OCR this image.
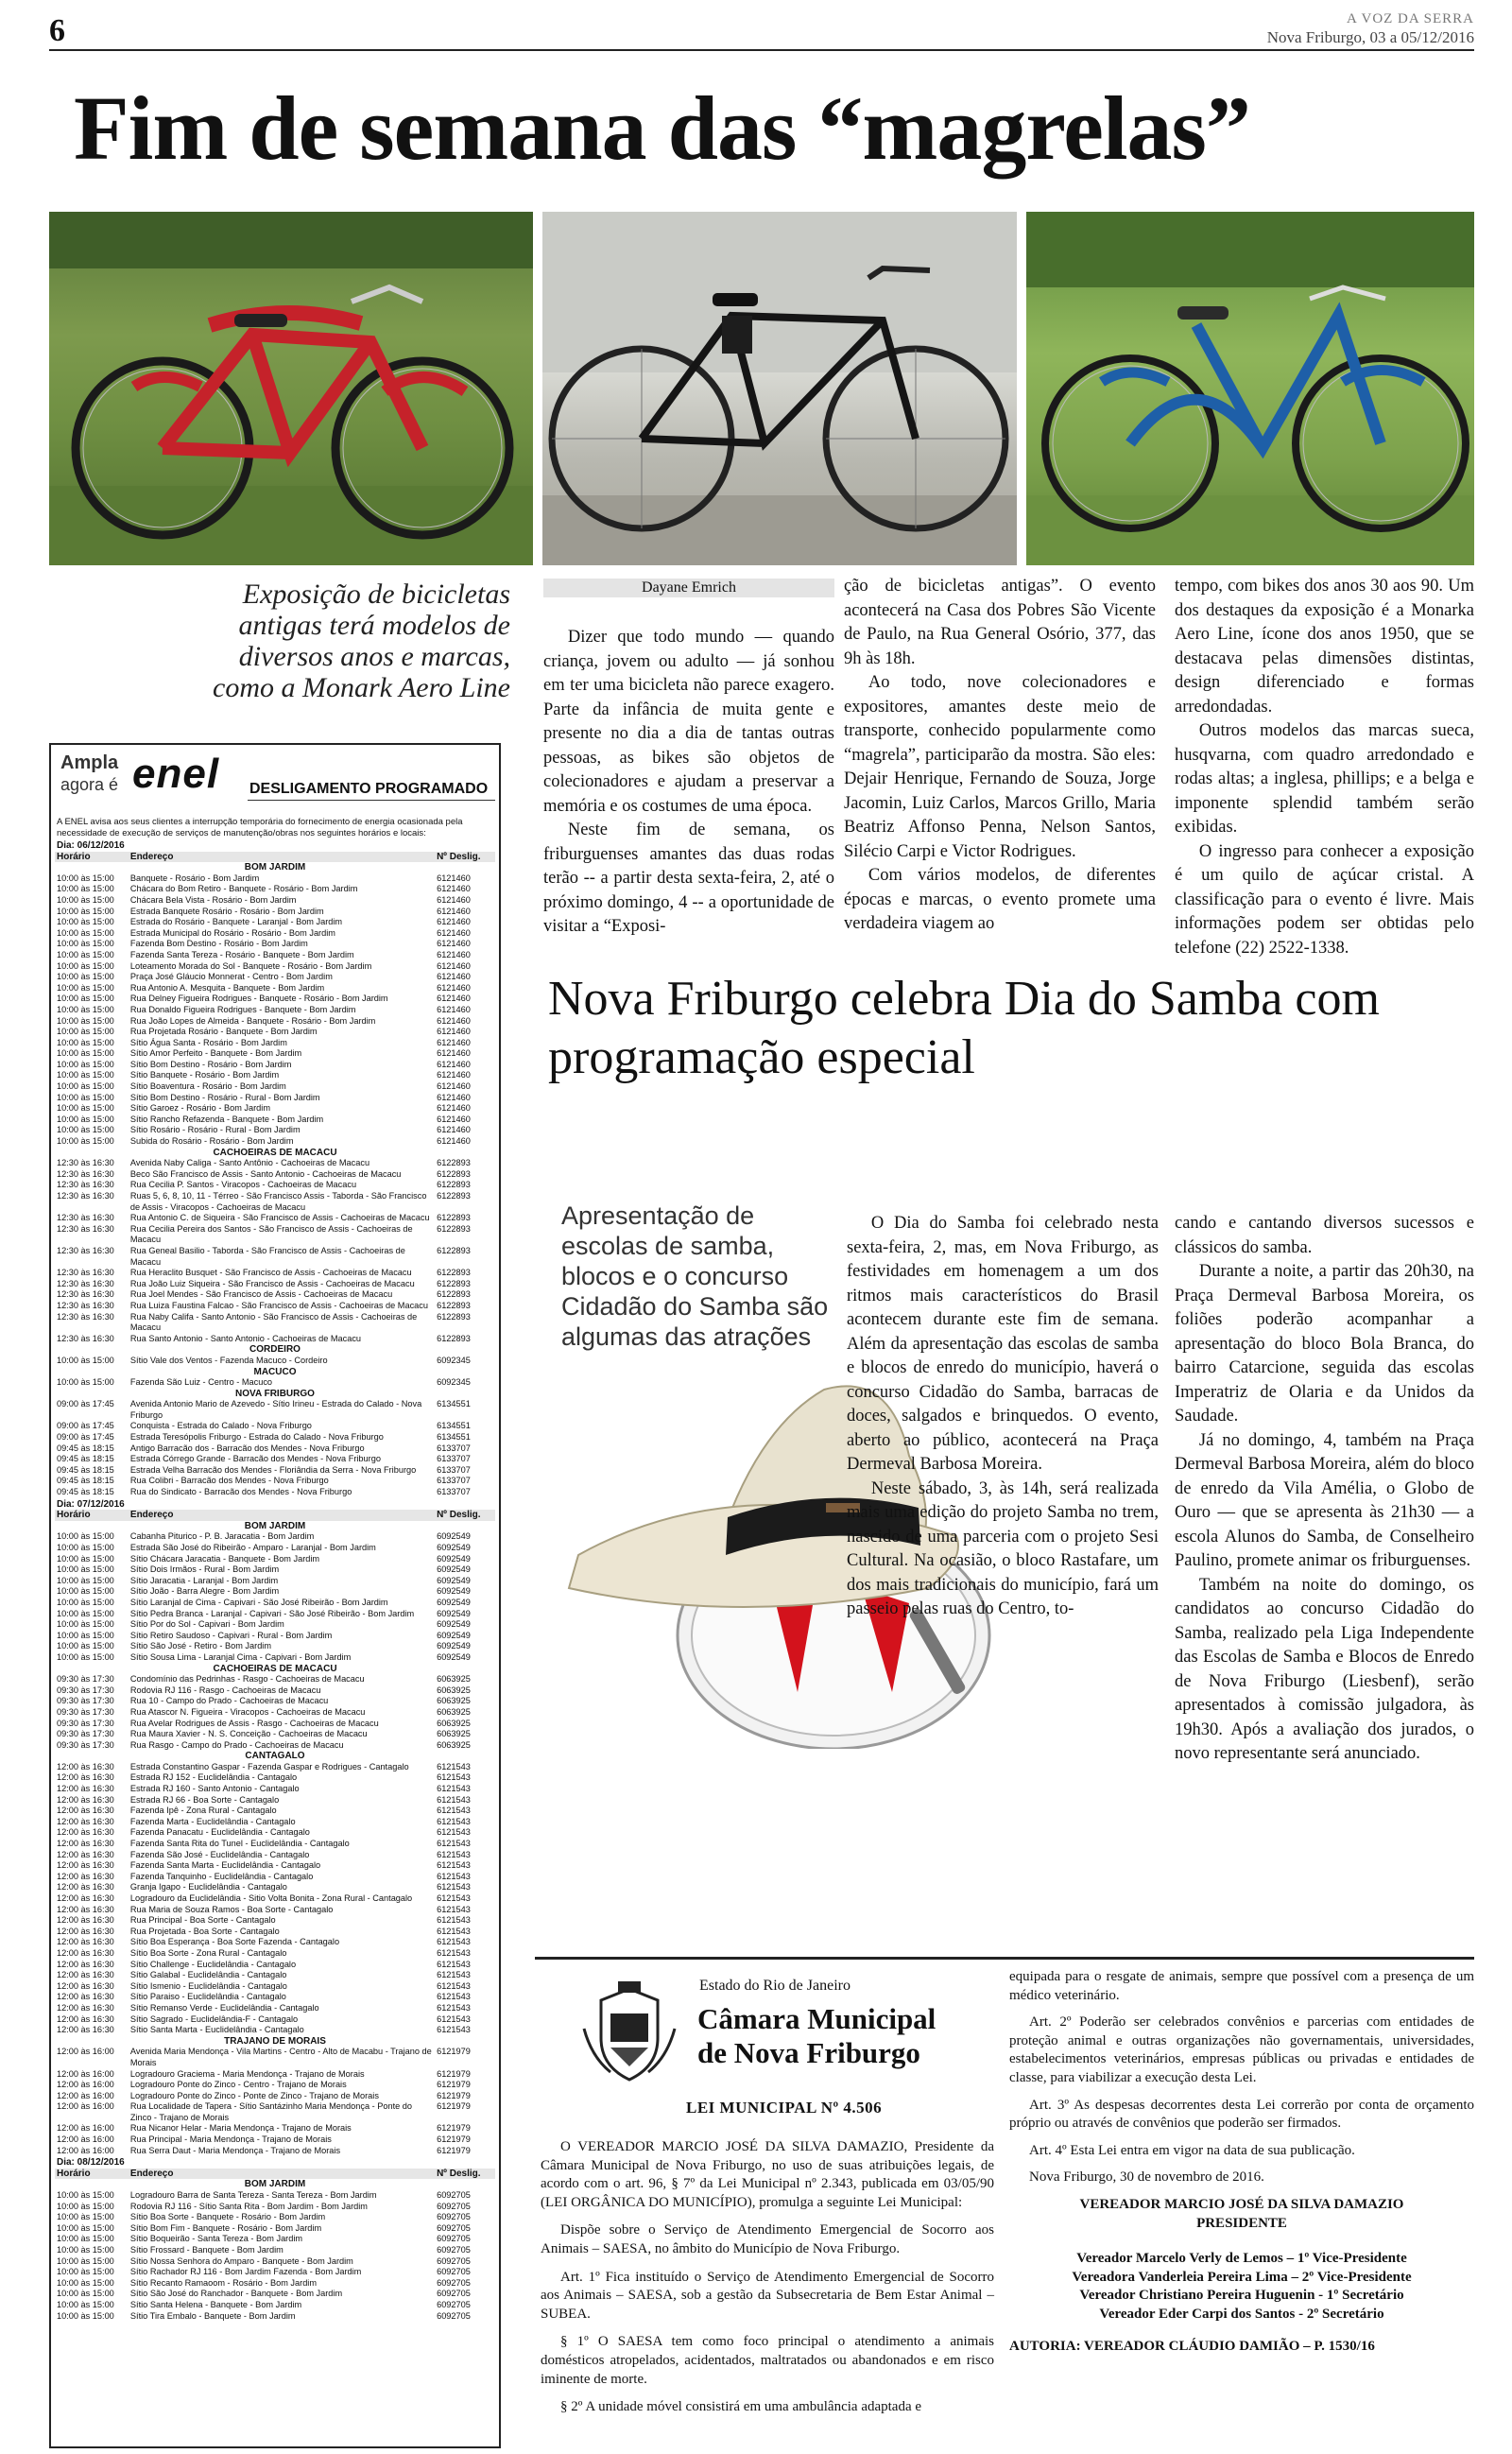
6	A VOZ DA SERRA
Nova Friburgo, 03 a 05/12/2016
Fim de semana das “magrelas”
Exposição de bicicletas antigas terá modelos de diversos anos e marcas, como a Monark Aero Line
Ampla
agora é enel DESLIGAMENTO PROGRAMADO
A ENEL avisa aos seus clientes a interrupção temporária do fornecimento de energia ocasionada pela necessidade de execução de serviços de manutenção/obras nos seguintes horários e locais:
Dia: 06/12/2016		
Horário	Endereço	Nº Deslig.
BOM JARDIM		
10:00 às 15:00	Banquete - Rosário - Bom Jardim	6121460
10:00 às 15:00	Chácara do Bom Retiro - Banquete - Rosário - Bom Jardim	6121460
10:00 às 15:00	Chácara Bela Vista - Rosário - Bom Jardim	6121460
10:00 às 15:00	Estrada Banquete Rosário - Rosário - Bom Jardim	6121460
10:00 às 15:00	Estrada do Rosário - Banquete - Laranjal - Bom Jardim	6121460
10:00 às 15:00	Estrada Municipal do Rosário - Rosário - Bom Jardim	6121460
10:00 às 15:00	Fazenda Bom Destino - Rosário - Bom Jardim	6121460
10:00 às 15:00	Fazenda Santa Tereza - Rosário - Banquete - Bom Jardim	6121460
10:00 às 15:00	Loteamento Morada do Sol - Banquete - Rosário - Bom Jardim	6121460
10:00 às 15:00	Praça José Gláucio Monnerat - Centro - Bom Jardim	6121460
10:00 às 15:00	Rua Antonio A. Mesquita - Banquete - Bom Jardim	6121460
10:00 às 15:00	Rua Delney Figueira Rodrigues - Banquete - Rosário - Bom Jardim	6121460
10:00 às 15:00	Rua Donaldo Figueira Rodrigues - Banquete - Bom Jardim	6121460
10:00 às 15:00	Rua João Lopes de Almeida - Banquete - Rosário - Bom Jardim	6121460
10:00 às 15:00	Rua Projetada Rosário - Banquete - Bom Jardim	6121460
10:00 às 15:00	Sítio Água Santa - Rosário - Bom Jardim	6121460
10:00 às 15:00	Sítio Amor Perfeito - Banquete - Bom Jardim	6121460
10:00 às 15:00	Sítio Bom Destino - Rosário - Bom Jardim	6121460
10:00 às 15:00	Sítio Banquete - Rosário - Bom Jardim	6121460
10:00 às 15:00	Sítio Boaventura - Rosário - Bom Jardim	6121460
10:00 às 15:00	Sítio Bom Destino - Rosário - Rural - Bom Jardim	6121460
10:00 às 15:00	Sítio Garoez - Rosário - Bom Jardim	6121460
10:00 às 15:00	Sítio Rancho Refazenda - Banquete - Bom Jardim	6121460
10:00 às 15:00	Sítio Rosário - Rosário - Rural - Bom Jardim	6121460
10:00 às 15:00	Subida do Rosário - Rosário - Bom Jardim	6121460
CACHOEIRAS DE MACACU		
12:30 às 16:30	Avenida Naby Caliga - Santo Antônio - Cachoeiras de Macacu	6122893
12:30 às 16:30	Beco São Francisco de Assis - Santo Antonio - Cachoeiras de Macacu	6122893
12:30 às 16:30	Rua Cecilia P. Santos - Viracopos - Cachoeiras de Macacu	6122893
12:30 às 16:30	Ruas 5, 6, 8, 10, 11 - Térreo - São Francisco Assis - Taborda - São Francisco de Assis - Viracopos - Cachoeiras de Macacu	6122893
12:30 às 16:30	Rua Antonio C. de Siqueira - São Francisco de Assis - Cachoeiras de Macacu	6122893
12:30 às 16:30	Rua Cecilia Pereira dos Santos - São Francisco de Assis - Cachoeiras de Macacu	6122893
12:30 às 16:30	Rua Geneal Basilio - Taborda - São Francisco de Assis - Cachoeiras de Macacu	6122893
12:30 às 16:30	Rua Heraclito Busquet - São Francisco de Assis - Cachoeiras de Macacu	6122893
12:30 às 16:30	Rua João Luiz Siqueira - São Francisco de Assis - Cachoeiras de Macacu	6122893
12:30 às 16:30	Rua Joel Mendes - São Francisco de Assis - Cachoeiras de Macacu	6122893
12:30 às 16:30	Rua Luiza Faustina Falcao - São Francisco de Assis - Cachoeiras de Macacu	6122893
12:30 às 16:30	Rua Naby Califa - Santo Antonio - São Francisco de Assis - Cachoeiras de Macacu	6122893
12:30 às 16:30	Rua Santo Antonio - Santo Antonio - Cachoeiras de Macacu	6122893
CORDEIRO		
10:00 às 15:00	Sítio Vale dos Ventos - Fazenda Macuco - Cordeiro	6092345
MACUCO		
10:00 às 15:00	Fazenda São Luiz - Centro - Macuco	6092345
NOVA FRIBURGO		
09:00 às 17:45	Avenida Antonio Mario de Azevedo - Sítio Irineu - Estrada do Calado - Nova Friburgo	6134551
09:00 às 17:45	Conquista - Estrada do Calado - Nova Friburgo	6134551
09:00 às 17:45	Estrada Teresópolis Friburgo - Estrada do Calado - Nova Friburgo	6134551
09:45 às 18:15	Antigo Barracão dos - Barracão dos Mendes - Nova Friburgo	6133707
09:45 às 18:15	Estrada Córrego Grande - Barracão dos Mendes - Nova Friburgo	6133707
09:45 às 18:15	Estrada Velha Barracão dos Mendes - Floriândia da Serra - Nova Friburgo	6133707
09:45 às 18:15	Rua Colibri - Barracão dos Mendes - Nova Friburgo	6133707
09:45 às 18:15	Rua do Sindicato - Barracão dos Mendes - Nova Friburgo	6133707
Dia: 07/12/2016		
Horário	Endereço	Nº Deslig.
BOM JARDIM		
10:00 às 15:00	Cabanha Piturico - P. B. Jaracatia - Bom Jardim	6092549
10:00 às 15:00	Estrada São José do Ribeirão - Amparo - Laranjal - Bom Jardim	6092549
10:00 às 15:00	Sítio Chácara Jaracatia - Banquete - Bom Jardim	6092549
10:00 às 15:00	Sítio Dois Irmãos - Rural - Bom Jardim	6092549
10:00 às 15:00	Sítio Jaracatia - Laranjal - Bom Jardim	6092549
10:00 às 15:00	Sítio João - Barra Alegre - Bom Jardim	6092549
10:00 às 15:00	Sítio Laranjal de Cima - Capivari - São José Ribeirão - Bom Jardim	6092549
10:00 às 15:00	Sítio Pedra Branca - Laranjal - Capivari - São José Ribeirão - Bom Jardim	6092549
10:00 às 15:00	Sítio Por do Sol - Capivari - Bom Jardim	6092549
10:00 às 15:00	Sítio Retiro Saudoso - Capivari - Rural - Bom Jardim	6092549
10:00 às 15:00	Sítio São José - Retiro - Bom Jardim	6092549
10:00 às 15:00	Sítio Sousa Lima - Laranjal Cima - Capivari - Bom Jardim	6092549
CACHOEIRAS DE MACACU		
09:30 às 17:30	Condomínio das Pedrinhas - Rasgo - Cachoeiras de Macacu	6063925
09:30 às 17:30	Rodovia RJ 116 - Rasgo - Cachoeiras de Macacu	6063925
09:30 às 17:30	Rua 10 - Campo do Prado - Cachoeiras de Macacu	6063925
09:30 às 17:30	Rua Atascor N. Figueira - Viracopos - Cachoeiras de Macacu	6063925
09:30 às 17:30	Rua Avelar Rodrigues de Assis - Rasgo - Cachoeiras de Macacu	6063925
09:30 às 17:30	Rua Maura Xavier - N. S. Conceição - Cachoeiras de Macacu	6063925
09:30 às 17:30	Rua Rasgo - Campo do Prado - Cachoeiras de Macacu	6063925
CANTAGALO		
12:00 às 16:30	Estrada Constantino Gaspar - Fazenda Gaspar e Rodrigues - Cantagalo	6121543
12:00 às 16:30	Estrada RJ 152 - Euclidelândia - Cantagalo	6121543
12:00 às 16:30	Estrada RJ 160 - Santo Antonio - Cantagalo	6121543
12:00 às 16:30	Estrada RJ 66 - Boa Sorte - Cantagalo	6121543
12:00 às 16:30	Fazenda Ipê - Zona Rural - Cantagalo	6121543
12:00 às 16:30	Fazenda Marta - Euclidelândia - Cantagalo	6121543
12:00 às 16:30	Fazenda Panacatu - Euclidelândia - Cantagalo	6121543
12:00 às 16:30	Fazenda Santa Rita do Tunel - Euclidelândia - Cantagalo	6121543
12:00 às 16:30	Fazenda São José - Euclidelândia - Cantagalo	6121543
12:00 às 16:30	Fazenda Santa Marta - Euclidelândia - Cantagalo	6121543
12:00 às 16:30	Fazenda Tanquinho - Euclidelândia - Cantagalo	6121543
12:00 às 16:30	Granja Igapo - Euclidelândia - Cantagalo	6121543
12:00 às 16:30	Logradouro da Euclidelândia - Sitio Volta Bonita - Zona Rural - Cantagalo	6121543
12:00 às 16:30	Rua Maria de Souza Ramos - Boa Sorte - Cantagalo	6121543
12:00 às 16:30	Rua Principal - Boa Sorte - Cantagalo	6121543
12:00 às 16:30	Rua Projetada - Boa Sorte - Cantagalo	6121543
12:00 às 16:30	Sítio Boa Esperança - Boa Sorte Fazenda - Cantagalo	6121543
12:00 às 16:30	Sítio Boa Sorte - Zona Rural - Cantagalo	6121543
12:00 às 16:30	Sítio Challenge - Euclidelândia - Cantagalo	6121543
12:00 às 16:30	Sítio Galabal - Euclidelândia - Cantagalo	6121543
12:00 às 16:30	Sítio Ismenio - Euclidelândia - Cantagalo	6121543
12:00 às 16:30	Sítio Paraiso - Euclidelândia - Cantagalo	6121543
12:00 às 16:30	Sítio Remanso Verde - Euclidelândia - Cantagalo	6121543
12:00 às 16:30	Sítio Sagrado - Euclidelândia-F - Cantagalo	6121543
12:00 às 16:30	Sítio Santa Marta - Euclidelândia - Cantagalo	6121543
TRAJANO DE MORAIS		
12:00 às 16:00	Avenida Maria Mendonça - Vila Martins - Centro - Alto de Macabu - Trajano de Morais	6121979
12:00 às 16:00	Logradouro Graciema - Maria Mendonça - Trajano de Morais	6121979
12:00 às 16:00	Logradouro Ponte do Zinco - Centro - Trajano de Morais	6121979
12:00 às 16:00	Logradouro Ponte do Zinco - Ponte de Zinco - Trajano de Morais	6121979
12:00 às 16:00	Rua Localidade de Tapera - Sítio Santázinho Maria Mendonça - Ponte do Zinco - Trajano de Morais	6121979
12:00 às 16:00	Rua Nicanor Helar - Maria Mendonça - Trajano de Morais	6121979
12:00 às 16:00	Rua Principal - Maria Mendonça - Trajano de Morais	6121979
12:00 às 16:00	Rua Serra Daut - Maria Mendonça - Trajano de Morais	6121979
Dia: 08/12/2016		
Horário	Endereço	Nº Deslig.
BOM JARDIM		
10:00 às 15:00	Logradouro Barra de Santa Tereza - Santa Tereza - Bom Jardim	6092705
10:00 às 15:00	Rodovia RJ 116 - Sítio Santa Rita - Bom Jardim - Bom Jardim	6092705
10:00 às 15:00	Sítio Boa Sorte - Banquete - Rosário - Bom Jardim	6092705
10:00 às 15:00	Sítio Bom Fim - Banquete - Rosário - Bom Jardim	6092705
10:00 às 15:00	Sítio Boqueirão - Santa Tereza - Bom Jardim	6092705
10:00 às 15:00	Sítio Frossard - Banquete - Bom Jardim	6092705
10:00 às 15:00	Sítio Nossa Senhora do Amparo - Banquete - Bom Jardim	6092705
10:00 às 15:00	Sítio Rachador RJ 116 - Bom Jardim Fazenda - Bom Jardim	6092705
10:00 às 15:00	Sítio Recanto Ramaoom - Rosário - Bom Jardim	6092705
10:00 às 15:00	Sítio São José do Ranchador - Banquete - Bom Jardim	6092705
10:00 às 15:00	Sítio Santa Helena - Banquete - Bom Jardim	6092705
10:00 às 15:00	Sítio Tira Embalo - Banquete - Bom Jardim	6092705
Dayane Emrich
Dizer que todo mundo — quando criança, jovem ou adulto — já sonhou em ter uma bicicleta não parece exagero. Parte da infância de muita gente e presente no dia a dia de tantas outras pessoas, as bikes são objetos de colecionadores e ajudam a preservar a memória e os costumes de uma época.
Neste fim de semana, os friburguenses amantes das duas rodas terão -- a partir desta sexta-feira, 2, até o próximo domingo, 4 -- a oportunidade de visitar a “Exposi-
ção de bicicletas antigas”. O evento acontecerá na Casa dos Pobres São Vicente de Paulo, na Rua General Osório, 377, das 9h às 18h.
Ao todo, nove colecionadores e expositores, amantes deste meio de transporte, conhecido popularmente como “magrela”, participarão da mostra. São eles: Dejair Henrique, Fernando de Souza, Jorge Jacomin, Luiz Carlos, Marcos Grillo, Maria Beatriz Affonso Penna, Nelson Santos, Silécio Carpi e Victor Rodrigues.
Com vários modelos, de diferentes épocas e marcas, o evento promete uma verdadeira viagem ao
tempo, com bikes dos anos 30 aos 90. Um dos destaques da exposição é a Monarka Aero Line, ícone dos anos 1950, que se destacava pelas dimensões distintas, design diferenciado e formas arredondadas.
Outros modelos das marcas sueca, husqvarna, com quadro arredondado e rodas altas; a inglesa, phillips; e a belga e imponente splendid também serão exibidas.
O ingresso para conhecer a exposição é um quilo de açúcar cristal. A classificação para o evento é livre. Mais informações podem ser obtidas pelo telefone (22) 2522-1338.
Nova Friburgo celebra Dia do Samba com programação especial
Apresentação de escolas de samba, blocos e o concurso Cidadão do Samba são algumas das atrações
O Dia do Samba foi celebrado nesta sexta-feira, 2, mas, em Nova Friburgo, as festividades em homenagem a um dos ritmos mais característicos do Brasil acontecem durante este fim de semana. Além da apresentação das escolas de samba e blocos de enredo do município, haverá o concurso Cidadão do Samba, barracas de doces, salgados e brinquedos. O evento, aberto ao público, acontecerá na Praça Dermeval Barbosa Moreira.
Neste sábado, 3, às 14h, será realizada mais uma edição do projeto Samba no trem, nascido de uma parceria com o projeto Sesi Cultural. Na ocasião, o bloco Rastafare, um dos mais tradicionais do município, fará um passeio pelas ruas do Centro, to-
cando e cantando diversos sucessos e clássicos do samba.
Durante a noite, a partir das 20h30, na Praça Dermeval Barbosa Moreira, os foliões poderão acompanhar a apresentação do bloco Bola Branca, do bairro Catarcione, seguida das escolas Imperatriz de Olaria e da Unidos da Saudade.
Já no domingo, 4, também na Praça Dermeval Barbosa Moreira, além do bloco de enredo da Vila Amélia, o Globo de Ouro — que se apresenta às 21h30 — a escola Alunos do Samba, de Conselheiro Paulino, promete animar os friburguenses.
Também na noite do domingo, os candidatos ao concurso Cidadão do Samba, realizado pela Liga Independente das Escolas de Samba e Blocos de Enredo de Nova Friburgo (Liesbenf), serão apresentados à comissão julgadora, às 19h30. Após a avaliação dos jurados, o novo representante será anunciado.
Estado do Rio de Janeiro
Câmara Municipal
de Nova Friburgo
LEI MUNICIPAL Nº 4.506

O VEREADOR MARCIO JOSÉ DA SILVA DAMAZIO, Presidente da Câmara Municipal de Nova Friburgo, no uso de suas atribuições legais, de acordo com o art. 96, § 7º da Lei Municipal nº 2.343, publicada em 03/05/90 (LEI ORGÂNICA DO MUNICÍPIO), promulga a seguinte Lei Municipal:

Dispõe sobre o Serviço de Atendimento Emergencial de Socorro aos Animais – SAESA, no âmbito do Município de Nova Friburgo.

Art. 1º Fica instituído o Serviço de Atendimento Emergencial de Socorro aos Animais – SAESA, sob a gestão da Subsecretaria de Bem Estar Animal – SUBEA.

§ 1º O SAESA tem como foco principal o atendimento a animais domésticos atropelados, acidentados, maltratados ou abandonados e em risco iminente de morte.

§ 2º A unidade móvel consistirá em uma ambulância adaptada e

equipada para o resgate de animais, sempre que possível com a presença de um médico veterinário.

Art. 2º Poderão ser celebrados convênios e parcerias com entidades de proteção animal e outras organizações não governamentais, universidades, estabelecimentos veterinários, empresas públicas ou privadas e entidades de classe, para viabilizar a execução desta Lei.

Art. 3º As despesas decorrentes desta Lei correrão por conta de orçamento próprio ou através de convênios que poderão ser firmados.

Art. 4º Esta Lei entra em vigor na data de sua publicação.

Nova Friburgo, 30 de novembro de 2016.

VEREADOR MARCIO JOSÉ DA SILVA DAMAZIO

PRESIDENTE

Vereador Marcelo Verly de Lemos – 1º Vice-Presidente

Vereadora Vanderleia Pereira Lima – 2º Vice-Presidente

Vereador Christiano Pereira Huguenin - 1º Secretário

Vereador Eder Carpi dos Santos - 2º Secretário

AUTORIA: VEREADOR CLÁUDIO DAMIÃO – P. 1530/16
